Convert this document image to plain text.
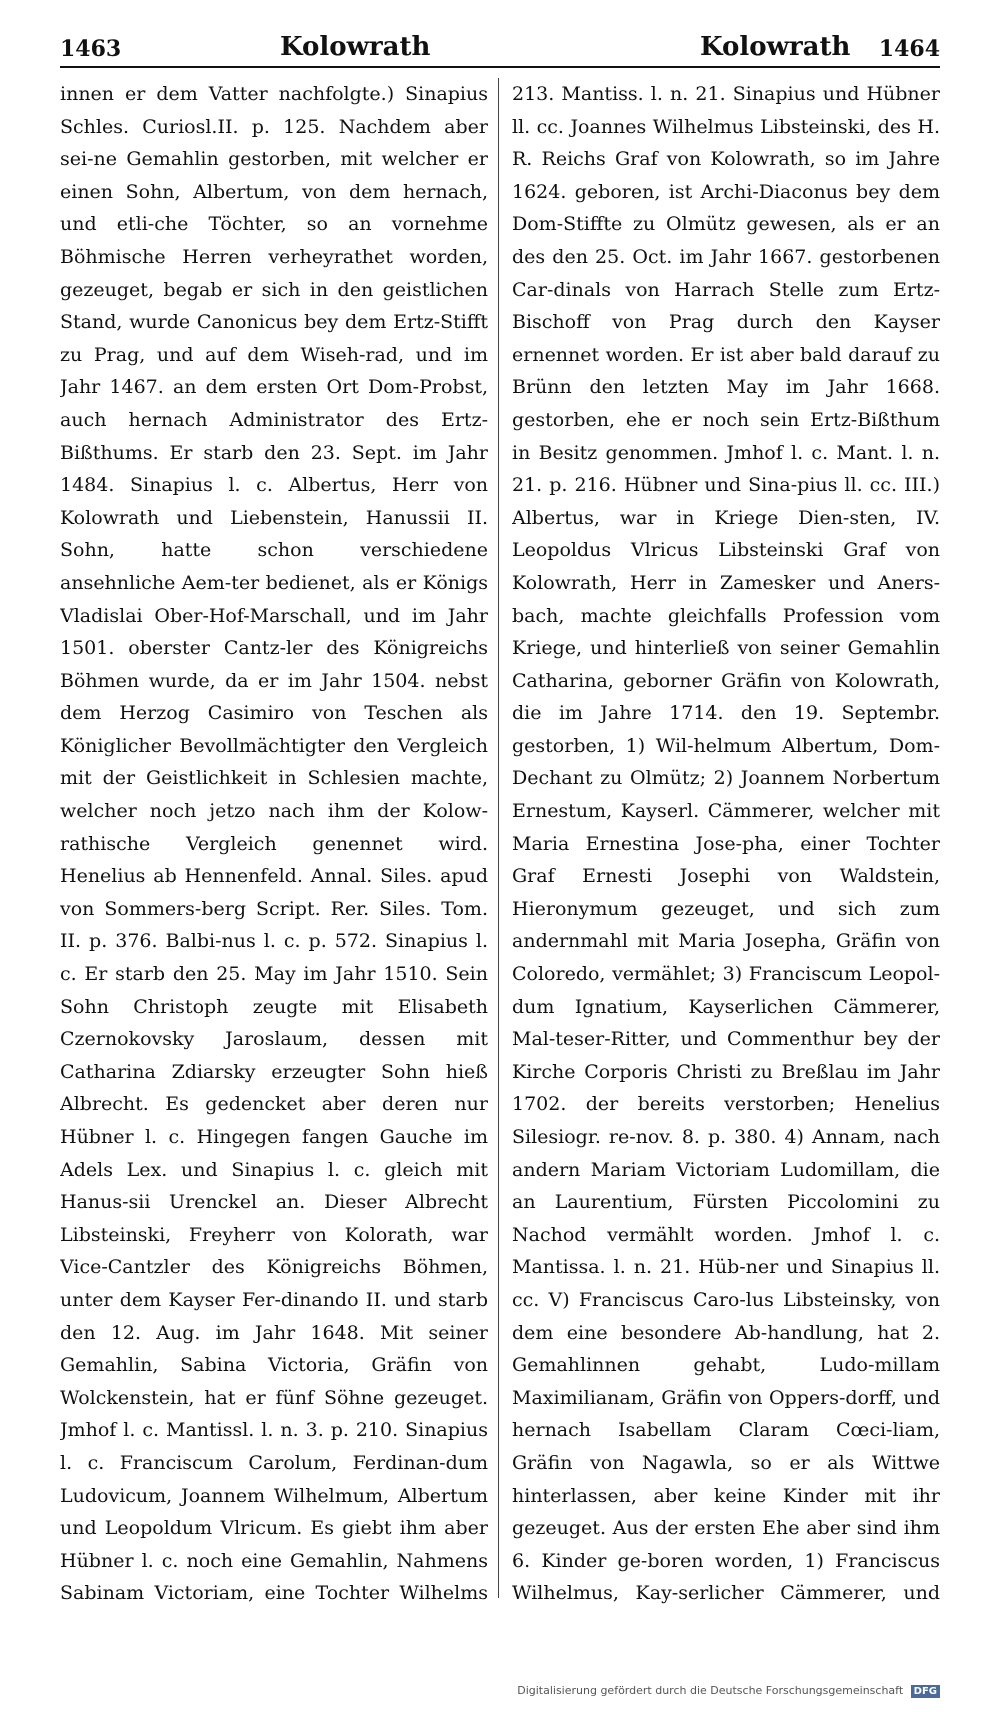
1463	Kolowrath	Kolowrath 1464
innen er dem Vatter nachfolgte.) Sinapius Schles. Curiosl.II. p. 125. Nachdem aber sei-ne Gemahlin gestorben, mit welcher er einen Sohn, Albertum, von dem hernach, und etli-che Töchter, so an vornehme Böhmische Herren verheyrathet worden, gezeuget, begab er sich in den geistlichen Stand, wurde Canonicus bey dem Ertz-Stifft zu Prag, und auf dem Wiseh-rad, und im Jahr 1467. an dem ersten Ort Dom-Probst, auch hernach Administrator des Ertz-Bißthums. Er starb den 23. Sept. im Jahr 1484. Sinapius l. c. Albertus, Herr von Kolowrath und Liebenstein, Hanussii II. Sohn, hatte schon verschiedene ansehnliche Aem-ter bedienet, als er Königs Vladislai Ober-Hof-Marschall, und im Jahr 1501. oberster Cantz-ler des Königreichs Böhmen wurde, da er im Jahr 1504. nebst dem Herzog Casimiro von Teschen als Königlicher Bevollmächtigter den Vergleich mit der Geistlichkeit in Schlesien machte, welcher noch jetzo nach ihm der Kolow-rathische Vergleich genennet wird. Henelius ab Hennenfeld. Annal. Siles. apud von Sommers-berg Script. Rer. Siles. Tom. II. p. 376. Balbi-nus l. c. p. 572. Sinapius l. c. Er starb den 25. May im Jahr 1510. Sein Sohn Christoph zeugte mit Elisabeth Czernokovsky Jaroslaum, dessen mit Catharina Zdiarsky erzeugter Sohn hieß Albrecht. Es gedencket aber deren nur Hübner l. c. Hingegen fangen Gauche im Adels Lex. und Sinapius l. c. gleich mit Hanus-sii Urenckel an. Dieser Albrecht Libsteinski, Freyherr von Kolorath, war Vice-Cantzler des Königreichs Böhmen, unter dem Kayser Fer-dinando II. und starb den 12. Aug. im Jahr 1648. Mit seiner Gemahlin, Sabina Victoria, Gräfin von Wolckenstein, hat er fünf Söhne gezeuget. Jmhof l. c. Mantissl. l. n. 3. p. 210. Sinapius l. c. Franciscum Carolum, Ferdinan-dum Ludovicum, Joannem Wilhelmum, Albertum und Leopoldum Vlricum. Es giebt ihm aber Hübner l. c. noch eine Gemahlin, Nahmens Sabinam Victoriam, eine Tochter Wilhelms
213. Mantiss. l. n. 21. Sinapius und Hübner ll. cc. Joannes Wilhelmus Libsteinski, des H. R. Reichs Graf von Kolowrath, so im Jahre 1624. geboren, ist Archi-Diaconus bey dem Dom-Stiffte zu Olmütz gewesen, als er an des den 25. Oct. im Jahr 1667. gestorbenen Car-dinals von Harrach Stelle zum Ertz-Bischoff von Prag durch den Kayser ernennet worden. Er ist aber bald darauf zu Brünn den letzten May im Jahr 1668. gestorben, ehe er noch sein Ertz-Bißthum in Besitz genommen. Jmhof l. c. Mant. l. n. 21. p. 216. Hübner und Sina-pius ll. cc. III.) Albertus, war in Kriege Dien-sten, IV. Leopoldus Vlricus Libsteinski Graf von Kolowrath, Herr in Zamesker und Aners-bach, machte gleichfalls Profession vom Kriege, und hinterließ von seiner Gemahlin Catharina, geborner Gräfin von Kolowrath, die im Jahre 1714. den 19. Septembr. gestorben, 1) Wil-helmum Albertum, Dom-Dechant zu Olmütz; 2) Joannem Norbertum Ernestum, Kayserl. Cämmerer, welcher mit Maria Ernestina Jose-pha, einer Tochter Graf Ernesti Josephi von Waldstein, Hieronymum gezeuget, und sich zum andernmahl mit Maria Josepha, Gräfin von Coloredo, vermählet; 3) Franciscum Leopol-dum Ignatium, Kayserlichen Cämmerer, Mal-teser-Ritter, und Commenthur bey der Kirche Corporis Christi zu Breßlau im Jahr 1702. der bereits verstorben; Henelius Silesiogr. re-nov. 8. p. 380. 4) Annam, nach andern Mariam Victoriam Ludomillam, die an Laurentium, Fürsten Piccolomini zu Nachod vermählt worden. Jmhof l. c. Mantissa. l. n. 21. Hüb-ner und Sinapius ll. cc. V) Franciscus Caro-lus Libsteinsky, von dem eine besondere Ab-handlung, hat 2. Gemahlinnen gehabt, Ludo-millam Maximilianam, Gräfin von Oppers-dorff, und hernach Isabellam Claram Cœci-liam, Gräfin von Nagawla, so er als Wittwe hinterlassen, aber keine Kinder mit ihr gezeuget. Aus der ersten Ehe aber sind ihm 6. Kinder ge-boren worden, 1) Franciscus Wilhelmus, Kay-serlicher Cämmerer, und
Digitalisierung gefördert durch die Deutsche Forschungsgemeinschaft DFG
